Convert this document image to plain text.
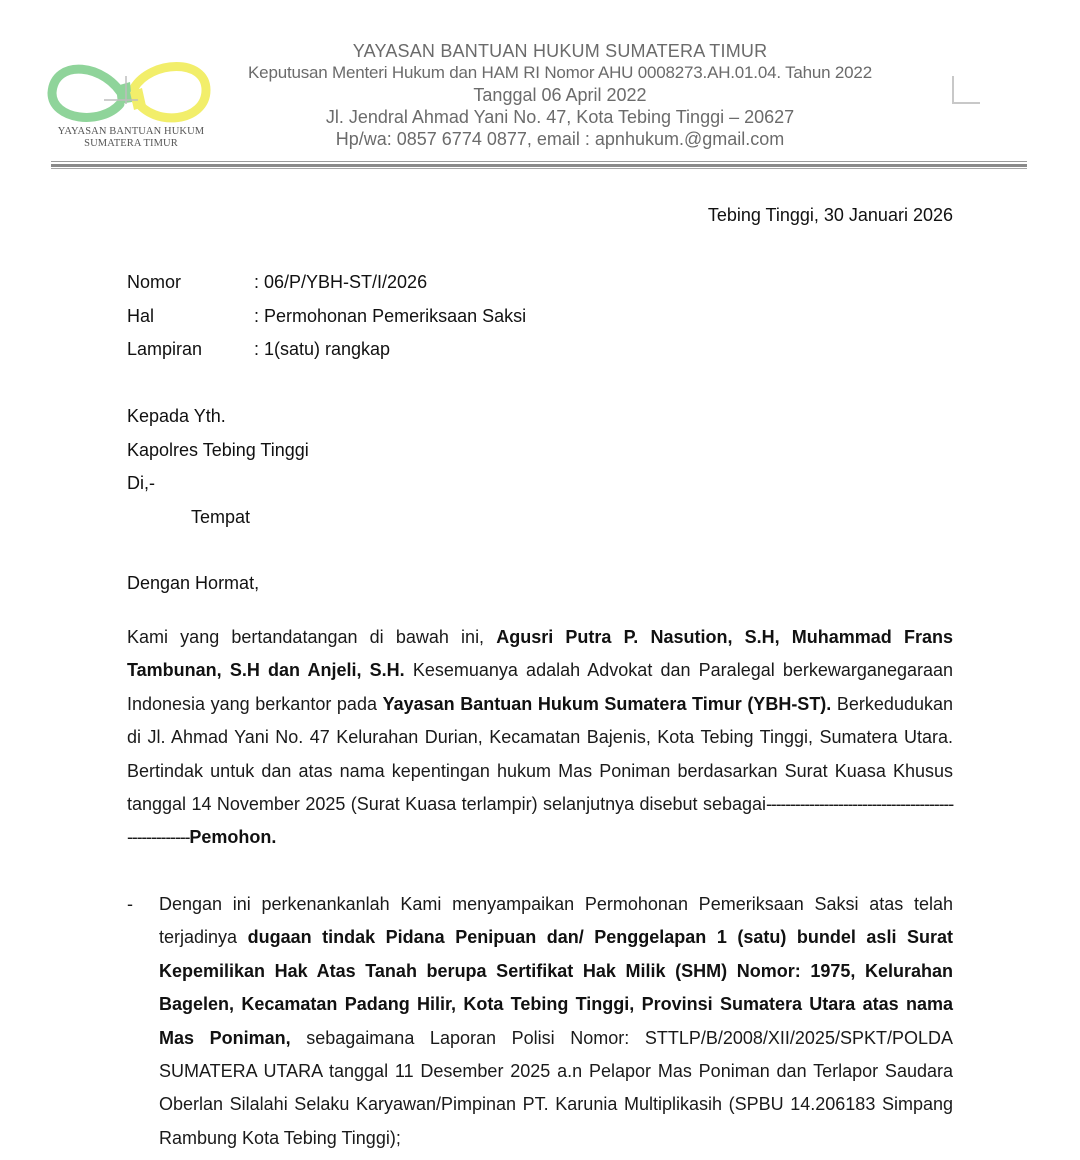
YAYASAN BANTUAN HUKUM
SUMATERA TIMUR
YAYASAN BANTUAN HUKUM SUMATERA TIMUR
Keputusan Menteri Hukum dan HAM RI Nomor AHU 0008273.AH.01.04. Tahun 2022
Tanggal 06 April 2022
Jl. Jendral Ahmad Yani No. 47, Kota Tebing Tinggi – 20627
Hp/wa: 0857 6774 0877, email : apnhukum.@gmail.com
Tebing Tinggi, 30 Januari 2026
Nomor	: 06/P/YBH-ST/I/2026
Hal	: Permohonan Pemeriksaan Saksi
Lampiran	: 1(satu) rangkap
Kepada Yth.
Kapolres Tebing Tinggi
Di,-
Tempat
Dengan Hormat,
Kami yang bertandatangan di bawah ini, Agusri Putra P. Nasution, S.H, Muhammad Frans Tambunan, S.H dan Anjeli, S.H. Kesemuanya adalah Advokat dan Paralegal berkewarganegaraan Indonesia yang berkantor pada Yayasan Bantuan Hukum Sumatera Timur (YBH-ST). Berkedudukan di Jl. Ahmad Yani No. 47 Kelurahan Durian, Kecamatan Bajenis, Kota Tebing Tinggi, Sumatera Utara. Bertindak untuk dan atas nama kepentingan hukum Mas Poniman berdasarkan Surat Kuasa Khusus tanggal 14 November 2025 (Surat Kuasa terlampir) selanjutnya disebut sebagai----------------------------------------------------Pemohon.
-	Dengan ini perkenankanlah Kami menyampaikan Permohonan Pemeriksaan Saksi atas telah terjadinya dugaan tindak Pidana Penipuan dan/ Penggelapan 1 (satu) bundel asli Surat Kepemilikan Hak Atas Tanah berupa Sertifikat Hak Milik (SHM) Nomor: 1975, Kelurahan Bagelen, Kecamatan Padang Hilir, Kota Tebing Tinggi, Provinsi Sumatera Utara atas nama Mas Poniman, sebagaimana Laporan Polisi Nomor: STTLP/B/2008/XII/2025/SPKT/POLDA SUMATERA UTARA tanggal 11 Desember 2025 a.n Pelapor Mas Poniman dan Terlapor Saudara Oberlan Silalahi Selaku Karyawan/Pimpinan PT. Karunia Multiplikasih (SPBU 14.206183 Simpang Rambung Kota Tebing Tinggi);
